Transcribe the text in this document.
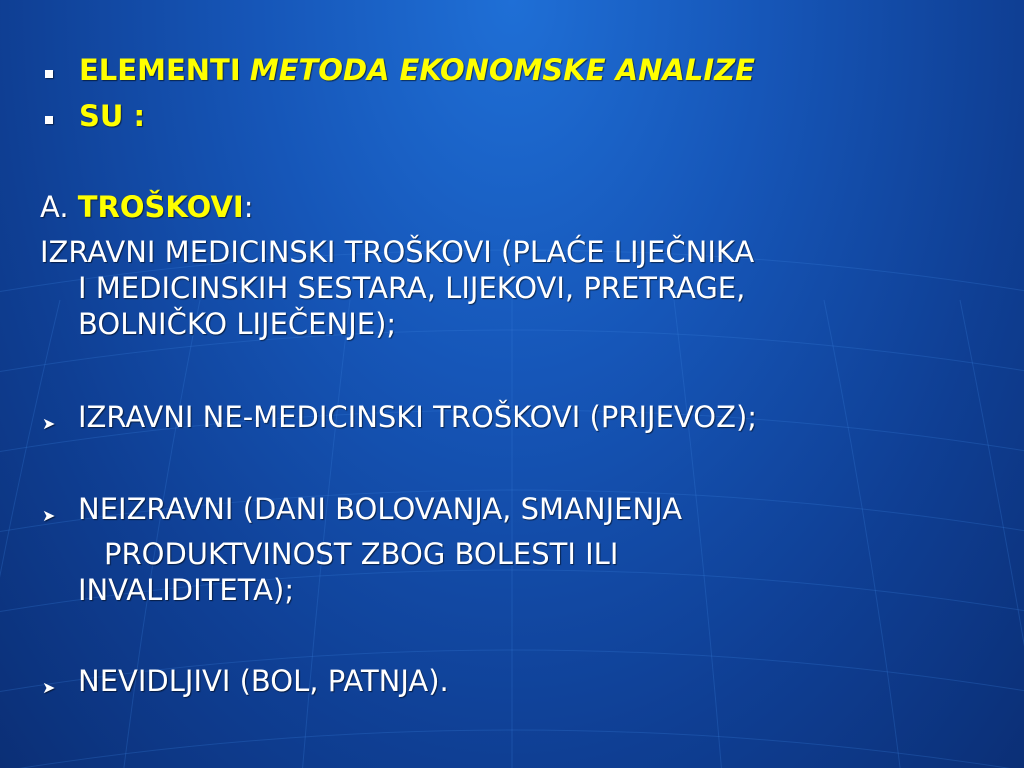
ELEMENTI METODA EKONOMSKE ANALIZE
SU :
A. TROŠKOVI:
IZRAVNI MEDICINSKI TROŠKOVI (PLAĆE LIJEČNIKA
I MEDICINSKIH SESTARA, LIJEKOVI, PRETRAGE,
BOLNIČKO LIJEČENJE);
➤ IZRAVNI NE-MEDICINSKI TROŠKOVI (PRIJEVOZ);
➤ NEIZRAVNI (DANI BOLOVANJA, SMANJENJA
PRODUKTVINOST ZBOG BOLESTI ILI
INVALIDITETA);
➤ NEVIDLJIVI (BOL, PATNJA).
